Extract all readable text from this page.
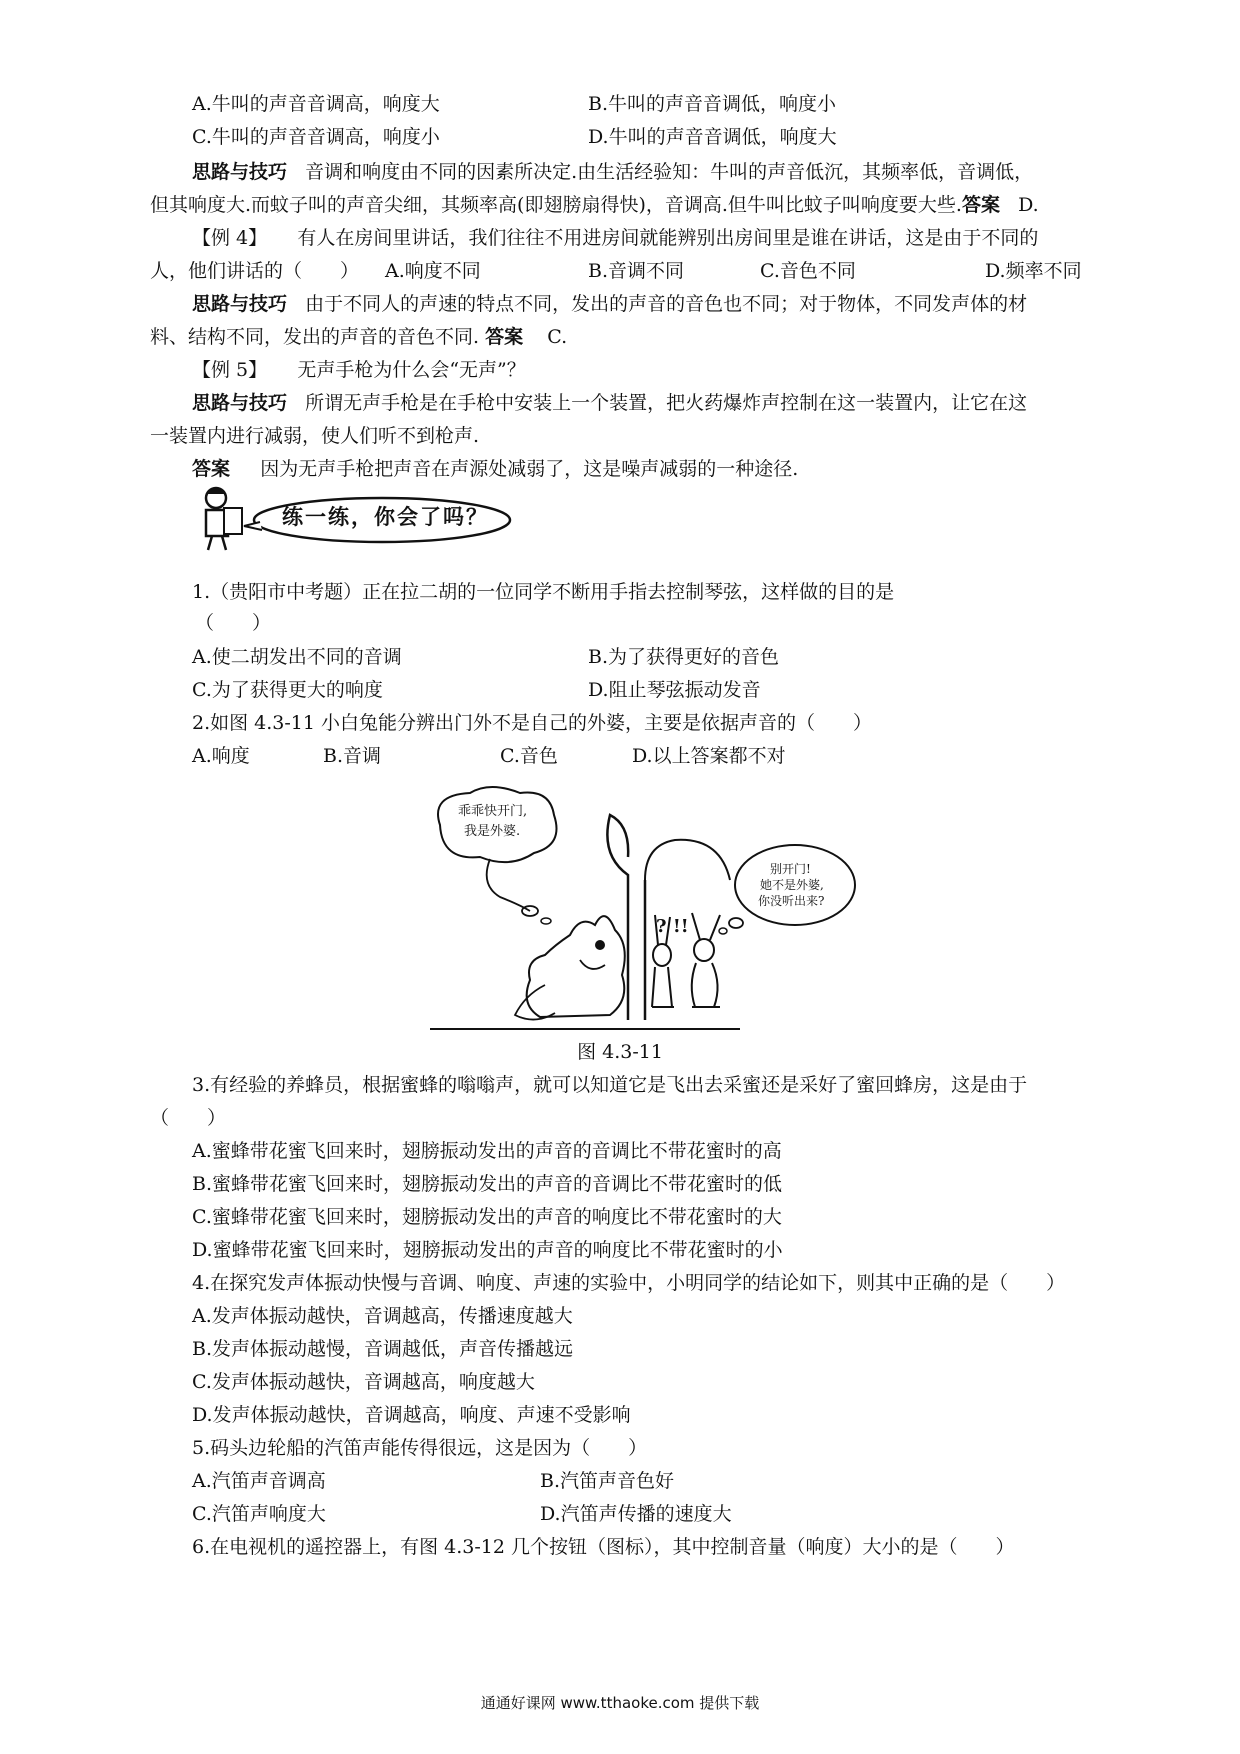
A.牛叫的声音音调高，响度大	B.牛叫的声音音调低，响度小
C.牛叫的声音音调高，响度小	D.牛叫的声音音调低，响度大
思路与技巧 音调和响度由不同的因素所决定.由生活经验知：牛叫的声音低沉，其频率低，音调低，
但其响度大.而蚊子叫的声音尖细，其频率高(即翅膀扇得快)，音调高.但牛叫比蚊子叫响度要大些.答案 D.
【例 4】 有人在房间里讲话，我们往往不用进房间就能辨别出房间里是谁在讲话，这是由于不同的
人，他们讲话的（　　） A.响度不同	B.音调不同	C.音色不同	D.频率不同
思路与技巧 由于不同人的声速的特点不同，发出的声音的音色也不同；对于物体，不同发声体的材
料、结构不同，发出的声音的音色不同. 答案 C.
【例 5】 无声手枪为什么会“无声”？
思路与技巧 所谓无声手枪是在手枪中安装上一个装置，把火药爆炸声控制在这一装置内，让它在这
一装置内进行减弱，使人们听不到枪声.
答案 因为无声手枪把声音在声源处减弱了，这是噪声减弱的一种途径.
练一练，你会了吗？
1.（贵阳市中考题）正在拉二胡的一位同学不断用手指去控制琴弦，这样做的目的是
（　　）
A.使二胡发出不同的音调	B.为了获得更好的音色
C.为了获得更大的响度	D.阻止琴弦振动发音
2.如图 4.3-11 小白兔能分辨出门外不是自己的外婆，主要是依据声音的（　　）
A.响度	B.音调	C.音色	D.以上答案都不对
乖乖快开门,
我是外婆.
别开门!
她不是外婆,
你没听出来?
? !!
图 4.3-11
3.有经验的养蜂员，根据蜜蜂的嗡嗡声，就可以知道它是飞出去采蜜还是采好了蜜回蜂房，这是由于
（　　）
A.蜜蜂带花蜜飞回来时，翅膀振动发出的声音的音调比不带花蜜时的高
B.蜜蜂带花蜜飞回来时，翅膀振动发出的声音的音调比不带花蜜时的低
C.蜜蜂带花蜜飞回来时，翅膀振动发出的声音的响度比不带花蜜时的大
D.蜜蜂带花蜜飞回来时，翅膀振动发出的声音的响度比不带花蜜时的小
4.在探究发声体振动快慢与音调、响度、声速的实验中，小明同学的结论如下，则其中正确的是（　　）
A.发声体振动越快，音调越高，传播速度越大
B.发声体振动越慢，音调越低，声音传播越远
C.发声体振动越快，音调越高，响度越大
D.发声体振动越快，音调越高，响度、声速不受影响
5.码头边轮船的汽笛声能传得很远，这是因为（　　）
A.汽笛声音调高	B.汽笛声音色好
C.汽笛声响度大	D.汽笛声传播的速度大
6.在电视机的遥控器上，有图 4.3-12 几个按钮（图标），其中控制音量（响度）大小的是（　　）
通通好课网 www.tthaoke.com 提供下载
